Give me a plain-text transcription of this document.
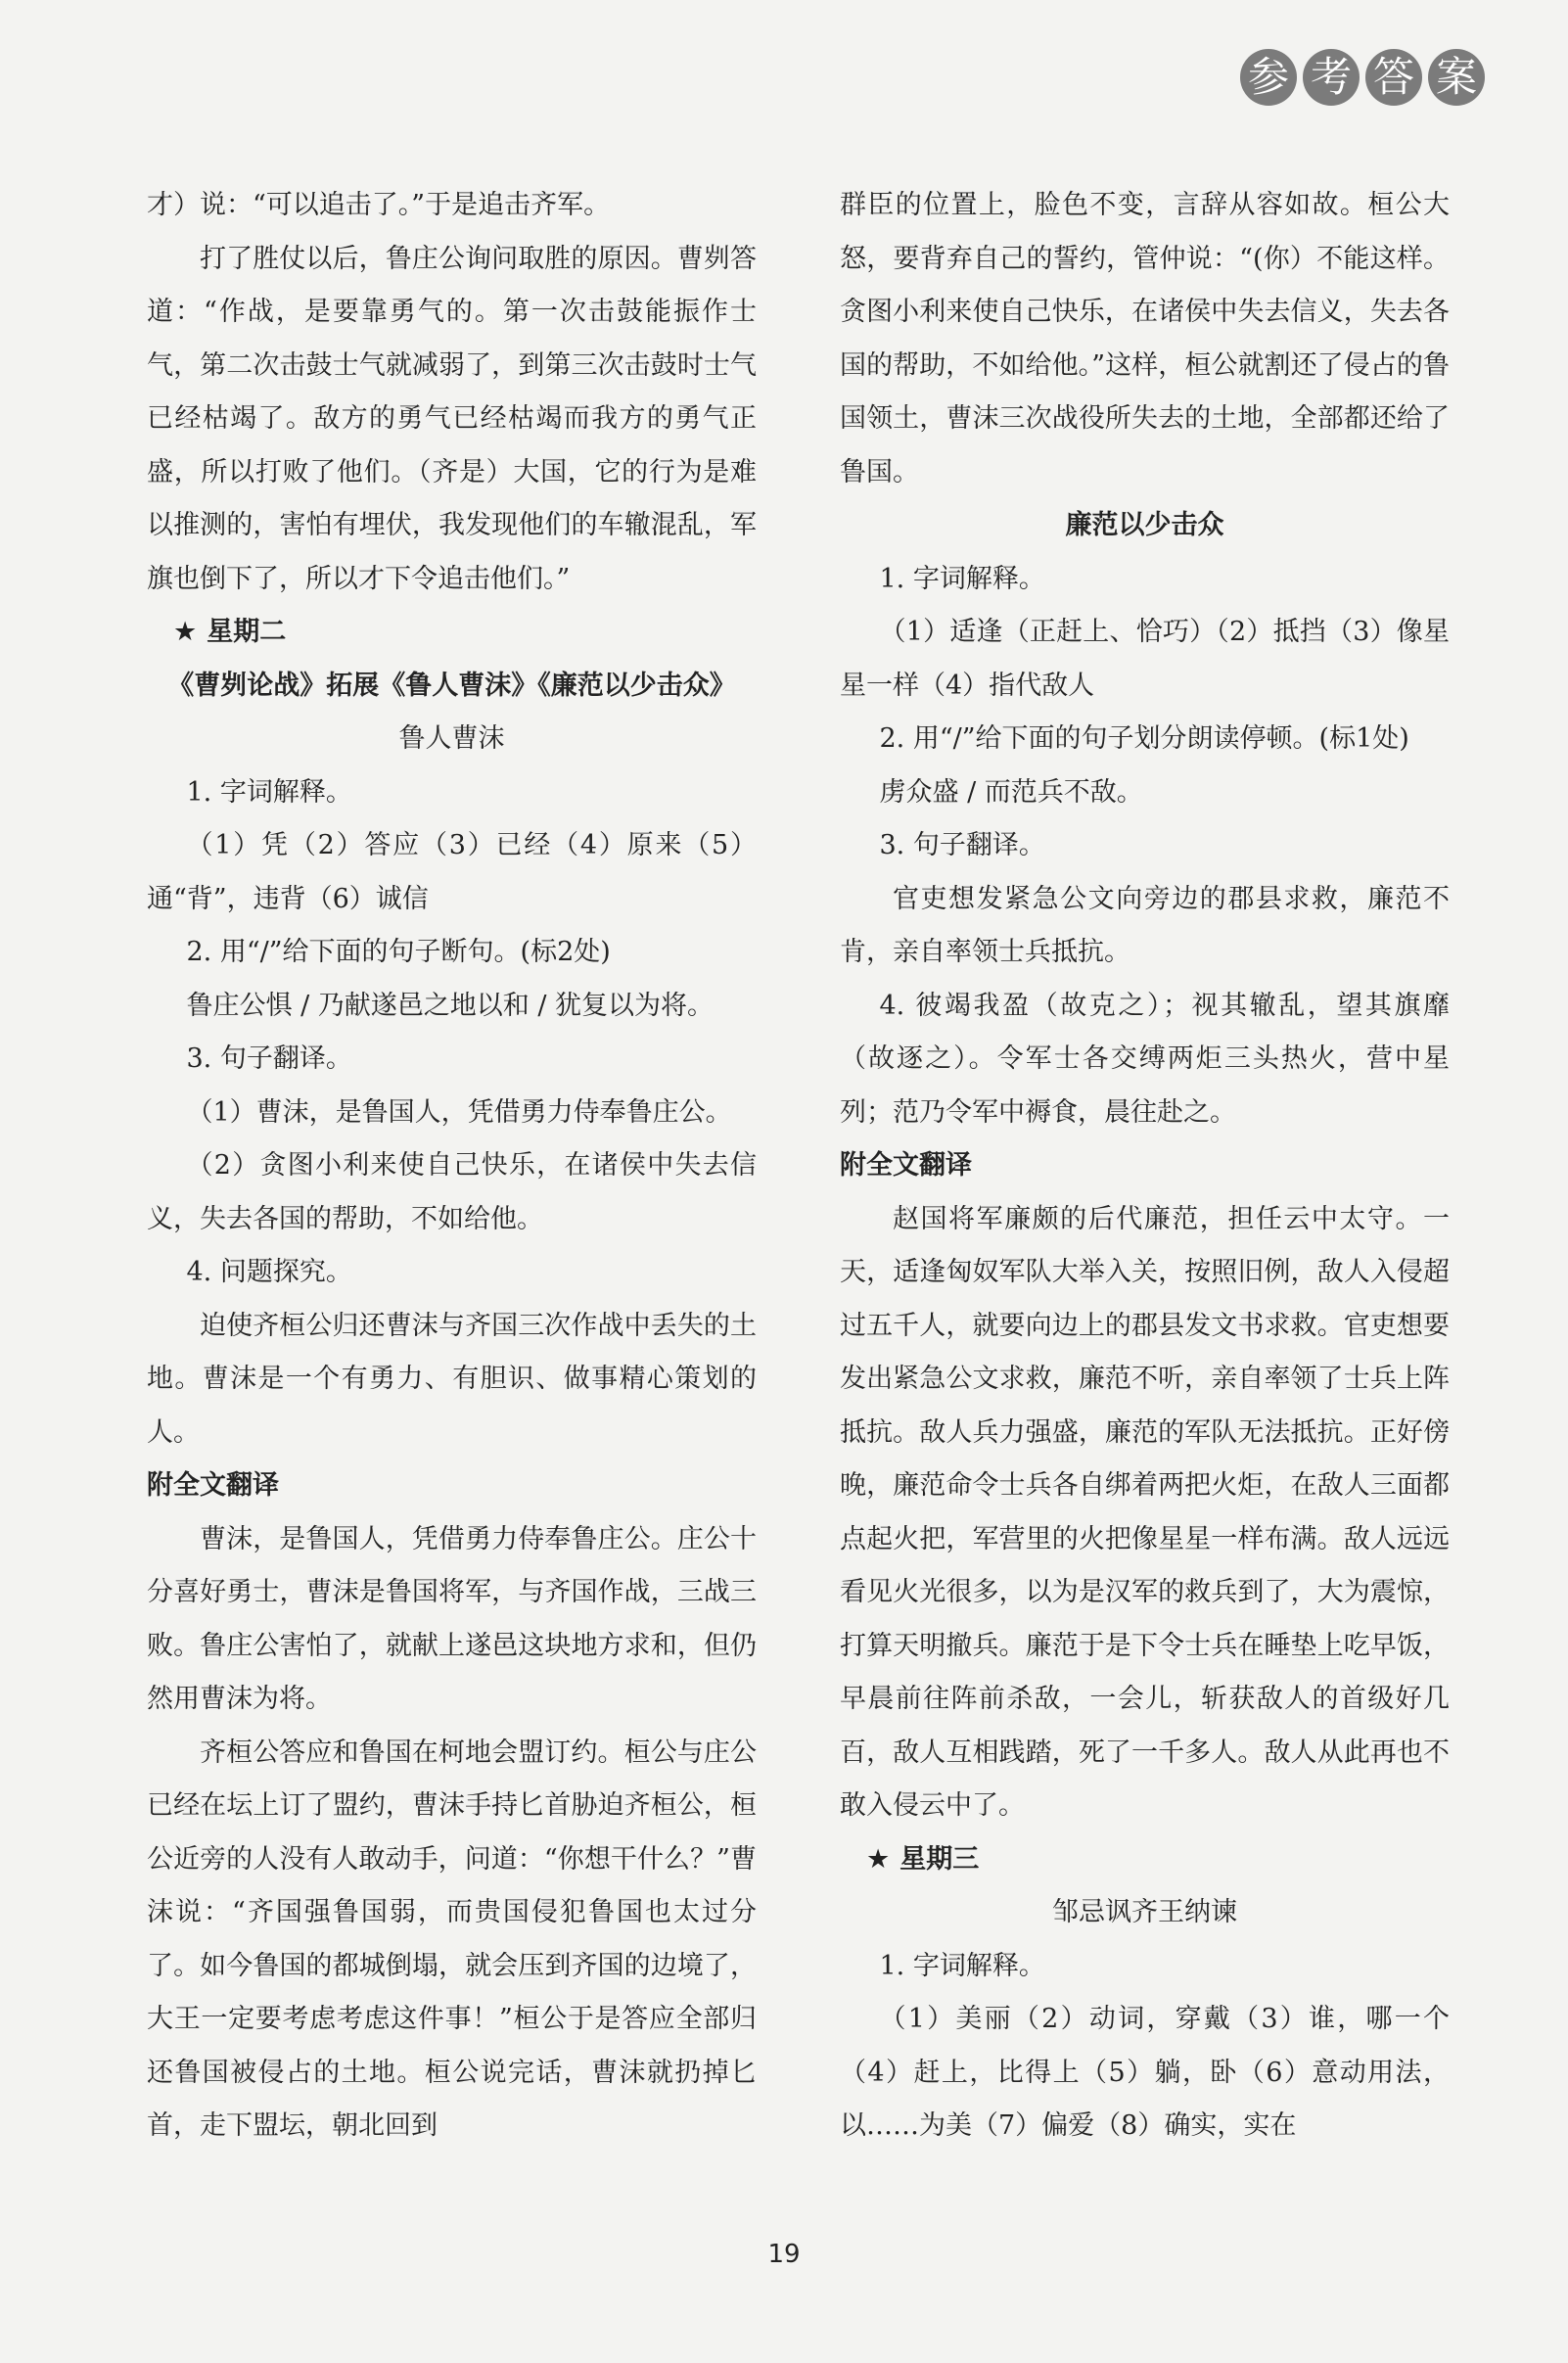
参 考 答 案

才）说：“可以追击了。”于是追击齐军。

打了胜仗以后，鲁庄公询问取胜的原因。曹刿答道：“作战，是要靠勇气的。第一次击鼓能振作士气，第二次击鼓士气就减弱了，到第三次击鼓时士气已经枯竭了。敌方的勇气已经枯竭而我方的勇气正盛，所以打败了他们。（齐是）大国，它的行为是难以推测的，害怕有埋伏，我发现他们的车辙混乱，军旗也倒下了，所以才下令追击他们。”

★ 星期二

《曹刿论战》拓展《鲁人曹沫》《廉范以少击众》

鲁人曹沫

1. 字词解释。

（1）凭（2）答应（3）已经（4）原来（5）通“背”，违背（6）诚信

2. 用“/”给下面的句子断句。(标2处)

鲁庄公惧 / 乃献遂邑之地以和 / 犹复以为将。

3. 句子翻译。

（1）曹沫，是鲁国人，凭借勇力侍奉鲁庄公。

（2）贪图小利来使自己快乐，在诸侯中失去信义，失去各国的帮助，不如给他。

4. 问题探究。

迫使齐桓公归还曹沫与齐国三次作战中丢失的土地。曹沫是一个有勇力、有胆识、做事精心策划的人。

附全文翻译

曹沫，是鲁国人，凭借勇力侍奉鲁庄公。庄公十分喜好勇士，曹沫是鲁国将军，与齐国作战，三战三败。鲁庄公害怕了，就献上遂邑这块地方求和，但仍然用曹沫为将。

齐桓公答应和鲁国在柯地会盟订约。桓公与庄公已经在坛上订了盟约，曹沫手持匕首胁迫齐桓公，桓公近旁的人没有人敢动手，问道：“你想干什么？”曹沫说：“齐国强鲁国弱，而贵国侵犯鲁国也太过分了。如今鲁国的都城倒塌，就会压到齐国的边境了，大王一定要考虑考虑这件事！”桓公于是答应全部归还鲁国被侵占的土地。桓公说完话，曹沫就扔掉匕首，走下盟坛，朝北回到

群臣的位置上，脸色不变，言辞从容如故。桓公大怒，要背弃自己的誓约，管仲说：“(你）不能这样。贪图小利来使自己快乐，在诸侯中失去信义，失去各国的帮助，不如给他。”这样，桓公就割还了侵占的鲁国领土，曹沫三次战役所失去的土地，全部都还给了鲁国。

廉范以少击众

1. 字词解释。

（1）适逢（正赶上、恰巧）（2）抵挡（3）像星星一样（4）指代敌人

2. 用“/”给下面的句子划分朗读停顿。(标1处)

虏众盛 / 而范兵不敌。

3. 句子翻译。

官吏想发紧急公文向旁边的郡县求救，廉范不肯，亲自率领士兵抵抗。

4. 彼竭我盈（故克之）；视其辙乱，望其旗靡（故逐之）。令军士各交缚两炬三头热火，营中星列；范乃令军中褥食，晨往赴之。

附全文翻译

赵国将军廉颇的后代廉范，担任云中太守。一天，适逢匈奴军队大举入关，按照旧例，敌人入侵超过五千人，就要向边上的郡县发文书求救。官吏想要发出紧急公文求救，廉范不听，亲自率领了士兵上阵抵抗。敌人兵力强盛，廉范的军队无法抵抗。正好傍晚，廉范命令士兵各自绑着两把火炬，在敌人三面都点起火把，军营里的火把像星星一样布满。敌人远远看见火光很多，以为是汉军的救兵到了，大为震惊，打算天明撤兵。廉范于是下令士兵在睡垫上吃早饭，早晨前往阵前杀敌，一会儿，斩获敌人的首级好几百，敌人互相践踏，死了一千多人。敌人从此再也不敢入侵云中了。

★ 星期三

邹忌讽齐王纳谏

1. 字词解释。

（1）美丽（2）动词，穿戴（3）谁，哪一个（4）赶上，比得上（5）躺，卧（6）意动用法，以……为美（7）偏爱（8）确实，实在

19
